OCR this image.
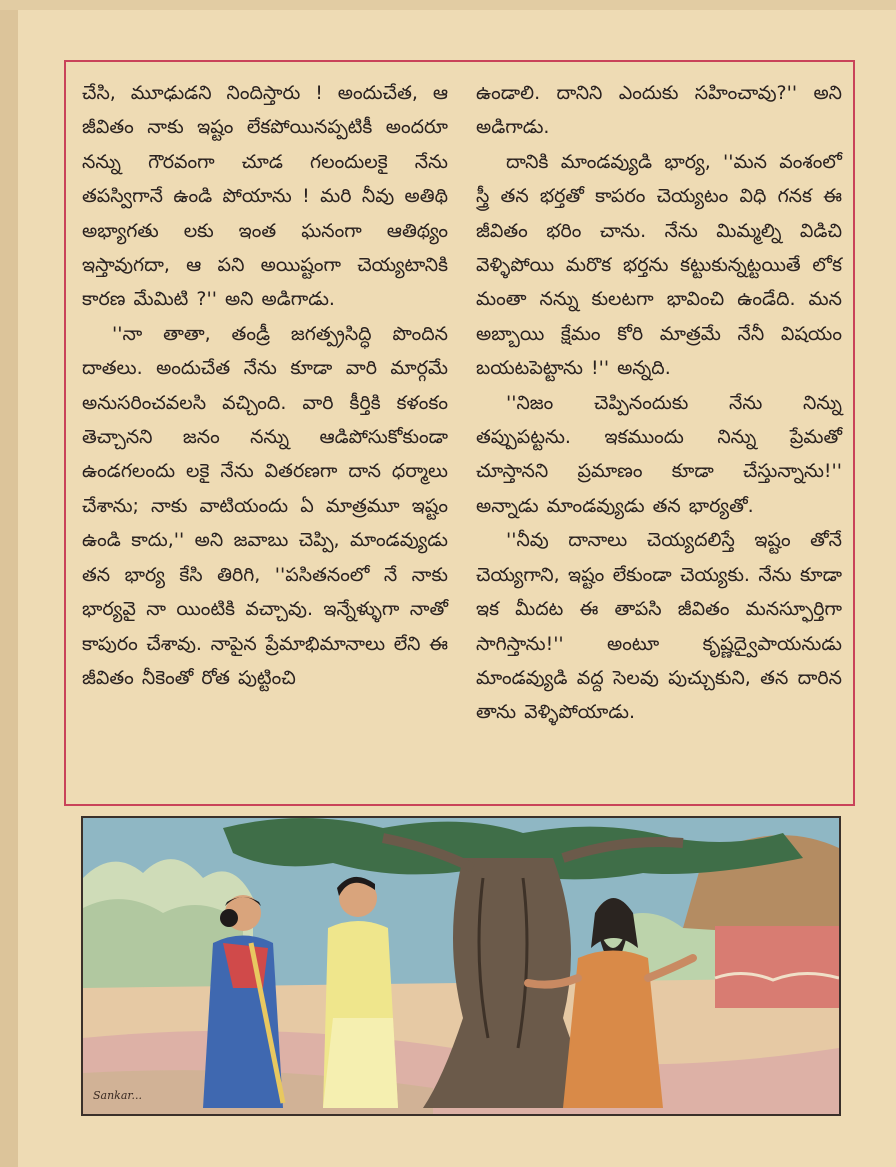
చేసి, మూఢుడని నిందిస్తారు ! అందుచేత, ఆ జీవితం నాకు ఇష్టం లేకపోయినప్పటికీ అందరూ నన్ను గౌరవంగా చూడ గలందులకై నేను తపస్విగానే ఉండి పోయాను ! మరి నీవు అతిథి అభ్యాగతు లకు ఇంత ఘనంగా ఆతిథ్యం ఇస్తావుగదా, ఆ పని అయిష్టంగా చెయ్యటానికి కారణ మేమిటి ?'' అని అడిగాడు.

''నా తాతా, తండ్రీ జగత్ప్రసిద్ధి పొందిన దాతలు. అందుచేత నేను కూడా వారి మార్గమే అనుసరించవలసి వచ్చింది. వారి కీర్తికి కళంకం తెచ్చానని జనం నన్ను ఆడిపోసుకోకుండా ఉండగలందు లకై నేను వితరణగా దాన ధర్మాలు చేశాను; నాకు వాటియందు ఏ మాత్రమూ ఇష్టం ఉండి కాదు,'' అని జవాబు చెప్పి, మాండవ్యుడు తన భార్య కేసి తిరిగి, ''పసితనంలో నే నాకు భార్యవై నా యింటికి వచ్చావు. ఇన్నేళ్ళుగా నాతో కాపురం చేశావు. నాపైన ప్రేమాభిమానాలు లేని ఈ జీవితం నీకెంతో రోత పుట్టించి

ఉండాలి. దానిని ఎందుకు సహించావు?'' అని అడిగాడు.

దానికి మాండవ్యుడి భార్య, ''మన వంశంలో స్త్రీ తన భర్తతో కాపరం చెయ్యటం విధి గనక ఈ జీవితం భరిం చాను. నేను మిమ్మల్ని విడిచి వెళ్ళిపోయి మరొక భర్తను కట్టుకున్నట్టయితే లోక మంతా నన్ను కులటగా భావించి ఉండేది. మన అబ్బాయి క్షేమం కోరి మాత్రమే నేనీ విషయం బయటపెట్టాను !'' అన్నది.

''నిజం చెప్పినందుకు నేను నిన్ను తప్పుపట్టను. ఇకముందు నిన్ను ప్రేమతో చూస్తానని ప్రమాణం కూడా చేస్తున్నాను!'' అన్నాడు మాండవ్యుడు తన భార్యతో.

''నీవు దానాలు చెయ్యదలిస్తే ఇష్టం తోనే చెయ్యగాని, ఇష్టం లేకుండా చెయ్యకు. నేను కూడా ఇక మీదట ఈ తాపసి జీవితం మనస్ఫూర్తిగా సాగిస్తాను!'' అంటూ కృష్ణద్వైపాయనుడు మాండవ్యుడి వద్ద సెలవు పుచ్చుకుని, తన దారిన తాను వెళ్ళిపోయాడు.

Sankar...
